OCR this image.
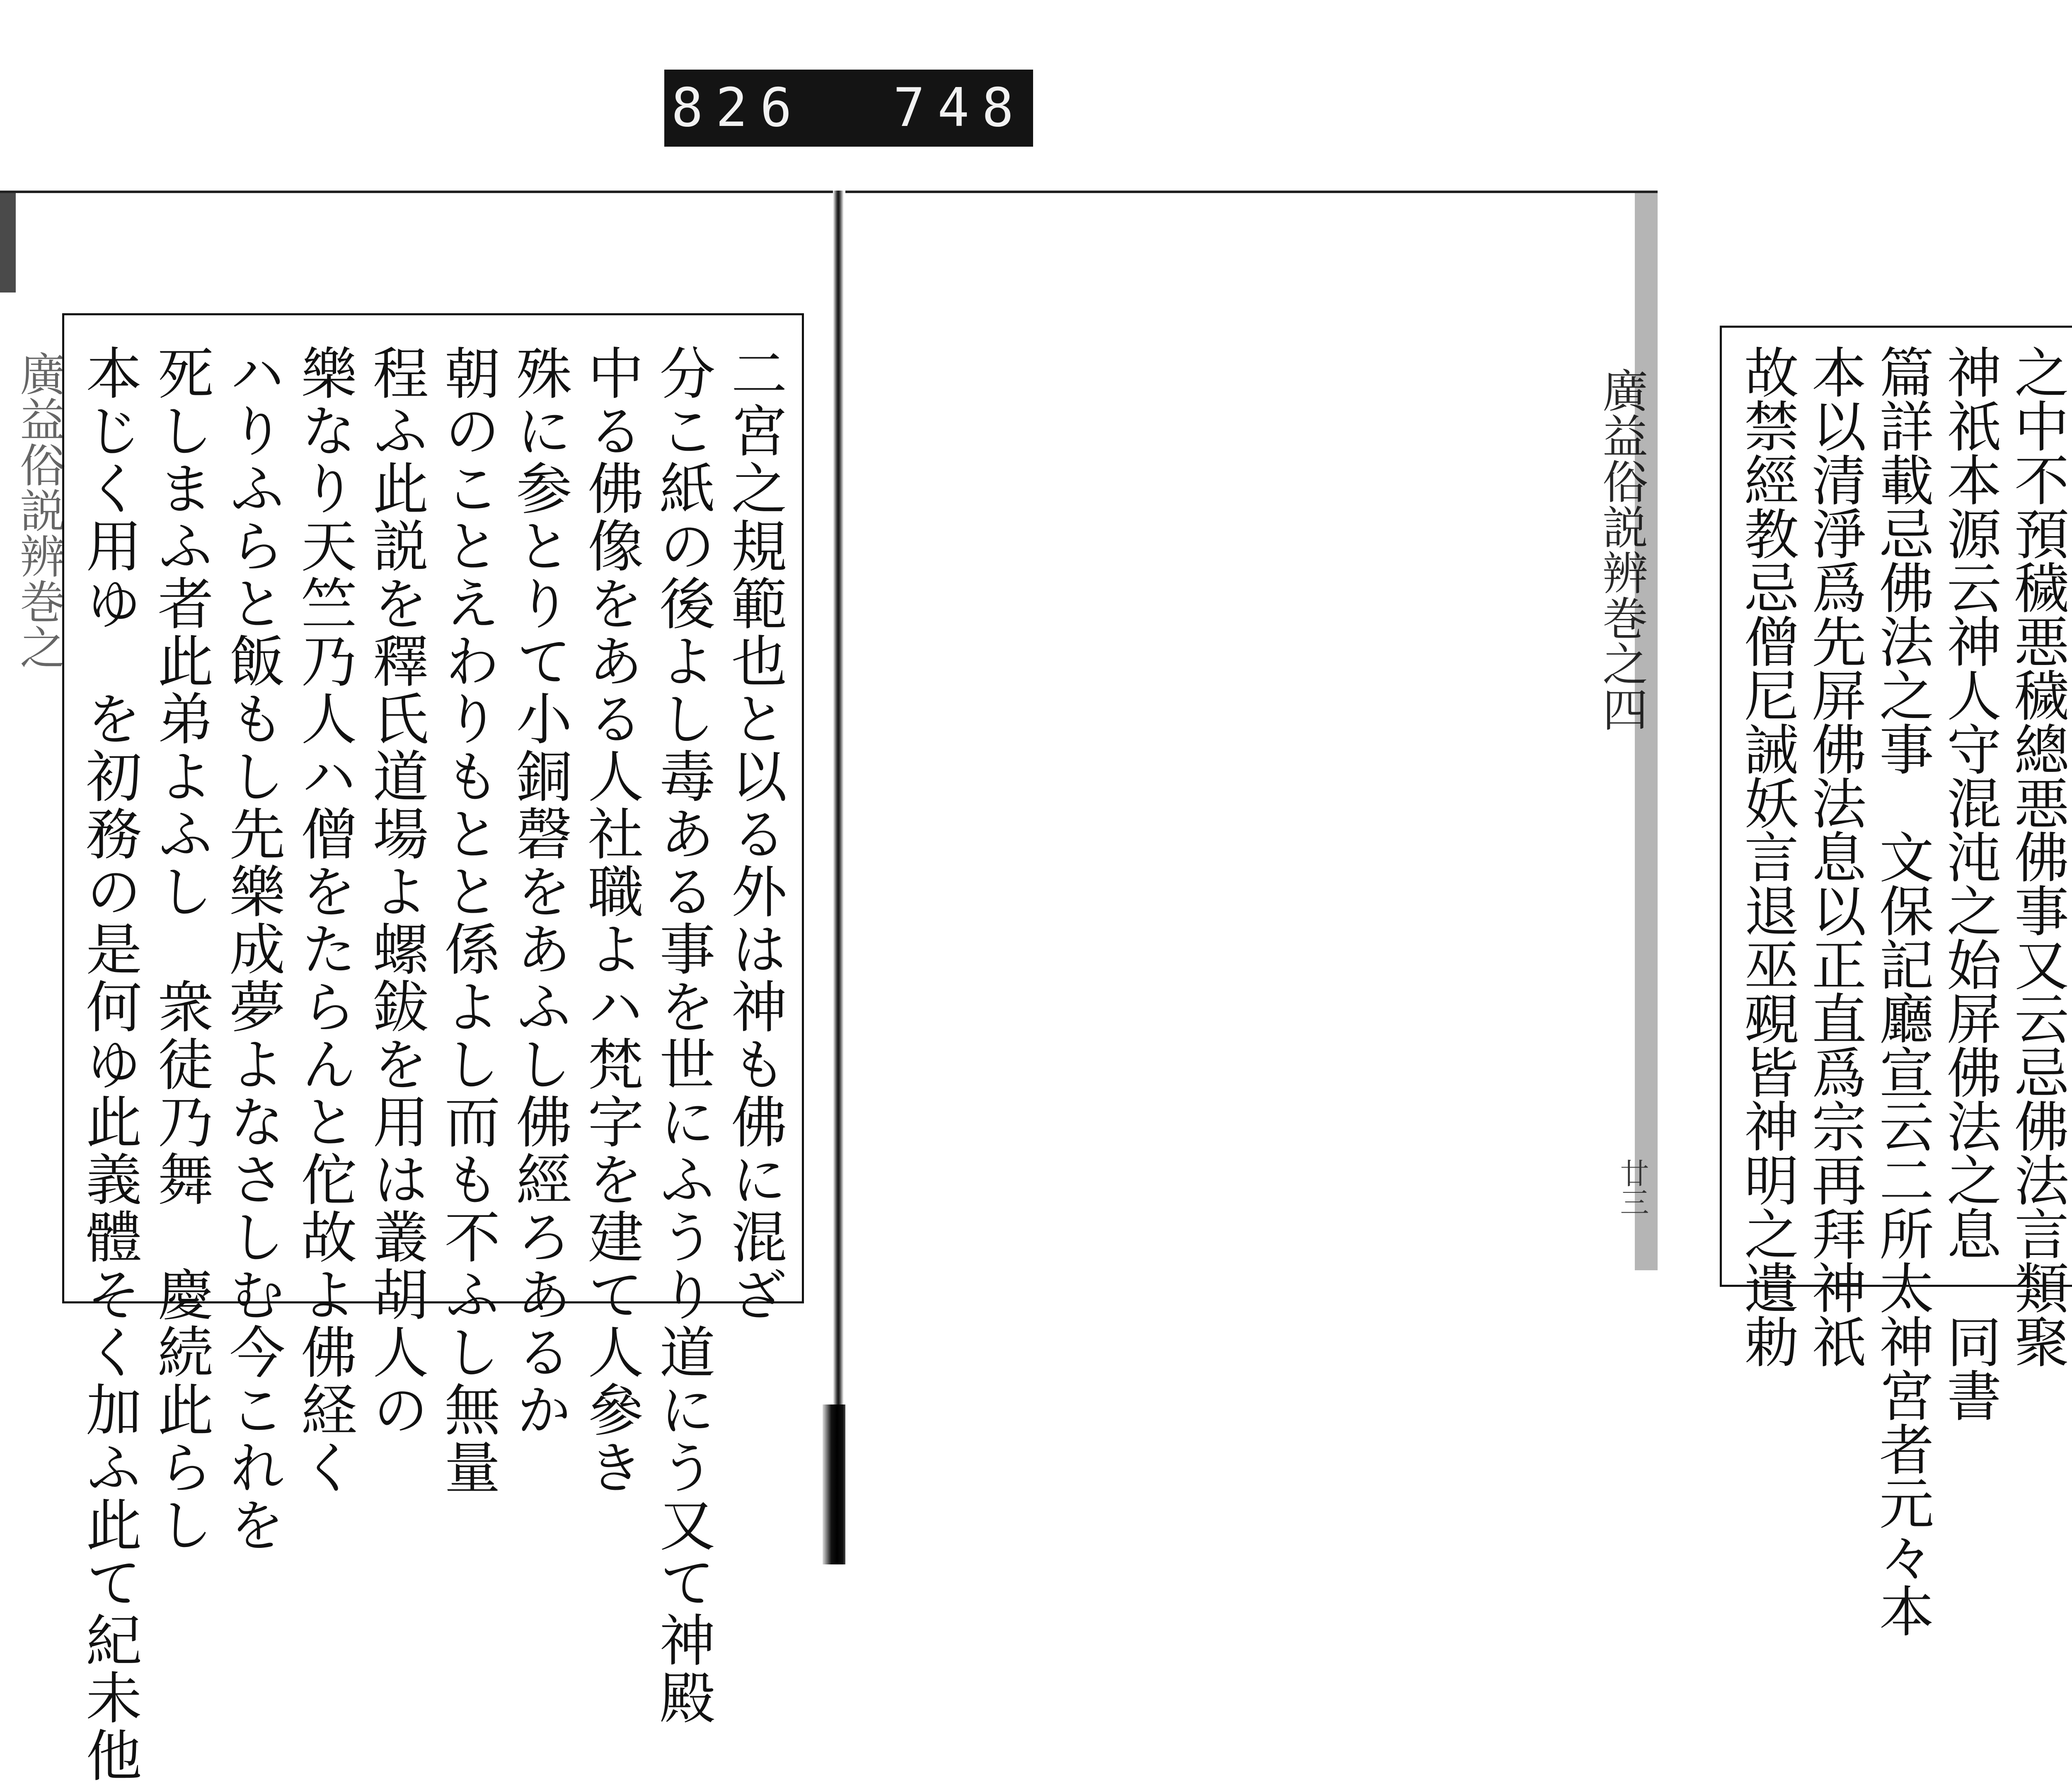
826  748
廣益俗説辨巻之	二宮之規範也と以る外は神も佛に混ざ
分こ紙の後よし毒ある事を世にふうり道にう又て神殿
中る佛像をある人社職よハ梵字を建て人參き
殊に参とりて小銅磬をあふし佛經ろあるか
朝のことえわりもとと係よし而も不ふし無量
程ふ此説を釋氏道場よ螺鈸を用は叢胡人の
樂なり天竺乃人ハ僧をたらんと佗故よ佛経く
ハりふらと飯もし先樂成夢よなさしむ今これを
死しまふ者此弟よふし　衆徒乃舞　慶続此らし　
本じく用ゆ　を初務の是何ゆ此義體そく加ふ此て紀未他	廣益俗説辨巻之四
廿三	之中不預穢悪穢總悪佛事又云忌佛法言類聚
神祇本源云神人守混沌之始屏佛法之息　同書
篇詳載忌佛法之事　文保記廳宣云二所太神宮者元々本
本以清淨爲先屏佛法息以正直爲宗再拜神祇
故禁經教忌僧尼誡妖言退巫覡皆神明之遺勅
